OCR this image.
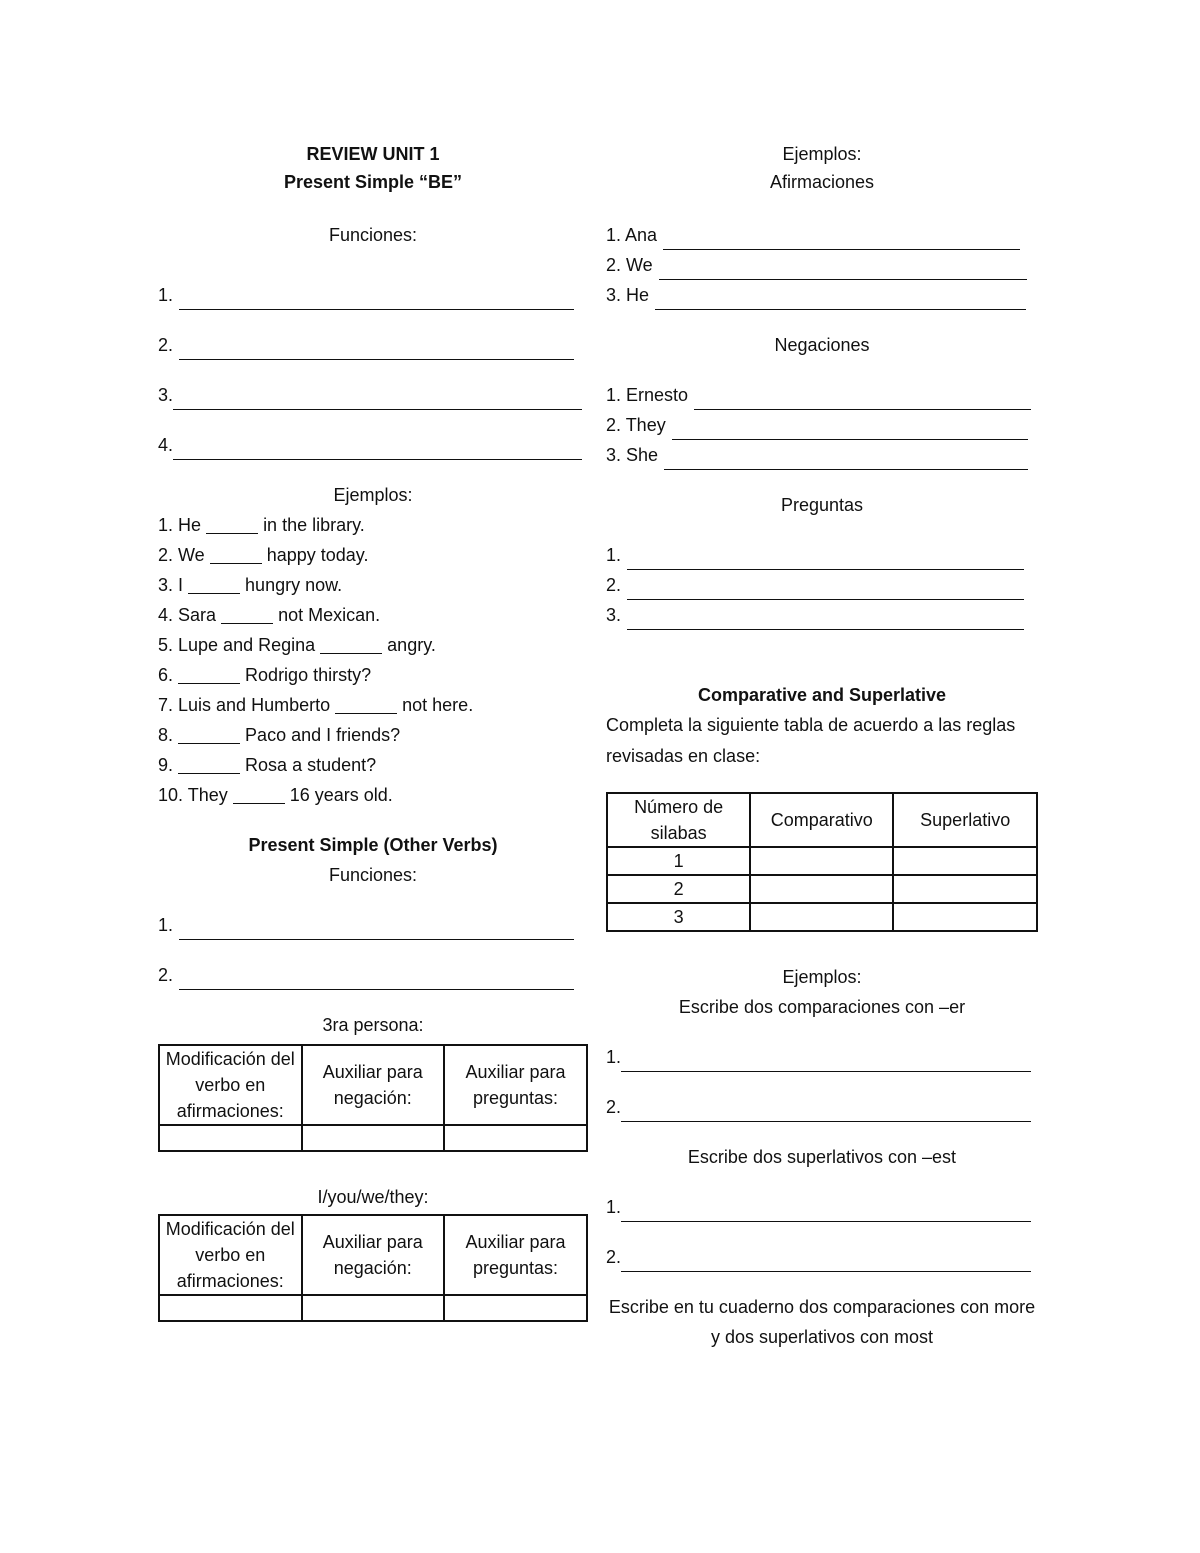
REVIEW UNIT 1
Present Simple “BE”
Funciones:
1.
2.
3.
4.
Ejemplos:
1. He	in the library.
2. We	happy today.
3. I	hungry now.
4. Sara	not Mexican.
5. Lupe and Regina	angry.
6.	Rodrigo thirsty?
7. Luis and Humberto	not here.
8.	Paco and I friends?
9.	Rosa a student?
10. They	16 years old.
Present Simple (Other Verbs)
Funciones:
1.
2.
3ra persona:
Modificación del verbo en afirmaciones:	Auxiliar para negación:	Auxiliar para preguntas:

I/you/we/they:
Modificación del verbo en afirmaciones:	Auxiliar para negación:	Auxiliar para preguntas:

Ejemplos:
Afirmaciones
1. Ana
2. We
3. He
Negaciones
1. Ernesto
2. They
3. She
Preguntas
1.
2.
3.
Comparative and Superlative
Completa la siguiente tabla de acuerdo a las reglas revisadas en clase:
Número de silabas	Comparativo	Superlativo
1		
2		
3		
Ejemplos:
Escribe dos comparaciones con –er
1.
2.
Escribe dos superlativos con –est
1.
2.
Escribe en tu cuaderno dos comparaciones con more y dos superlativos con most
